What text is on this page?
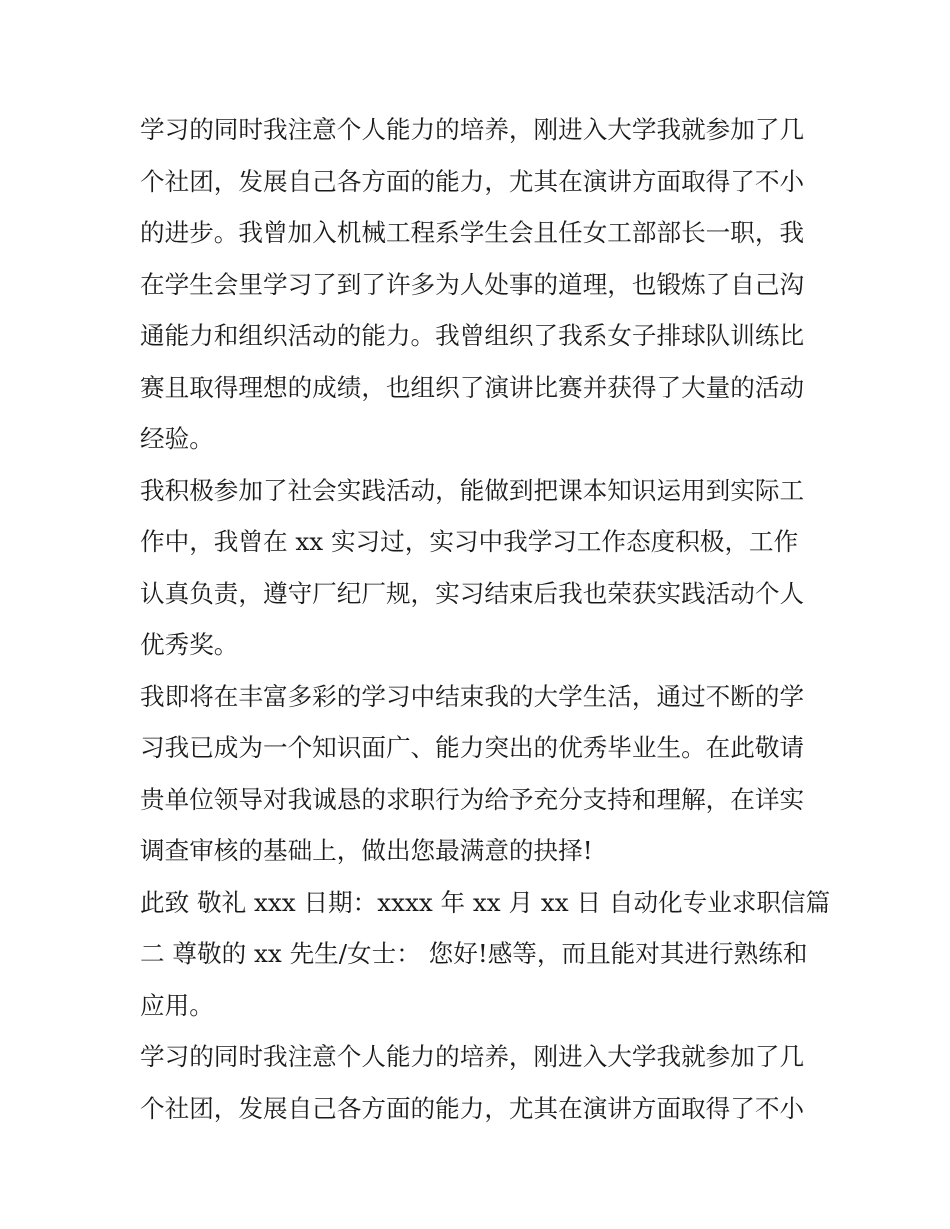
学习的同时我注意个人能力的培养，刚进入大学我就参加了几
个社团，发展自己各方面的能力，尤其在演讲方面取得了不小
的进步。我曾加入机械工程系学生会且任女工部部长一职，我
在学生会里学习了到了许多为人处事的道理，也锻炼了自己沟
通能力和组织活动的能力。我曾组织了我系女子排球队训练比
赛且取得理想的成绩，也组织了演讲比赛并获得了大量的活动
经验。

我积极参加了社会实践活动，能做到把课本知识运用到实际工
作中，我曾在 xx 实习过，实习中我学习工作态度积极，工作
认真负责，遵守厂纪厂规，实习结束后我也荣获实践活动个人
优秀奖。

我即将在丰富多彩的学习中结束我的大学生活，通过不断的学
习我已成为一个知识面广、能力突出的优秀毕业生。在此敬请
贵单位领导对我诚恳的求职行为给予充分支持和理解，在详实
调查审核的基础上，做出您最满意的抉择!

此致 敬礼 xxx 日期：xxxx 年 xx 月 xx 日 自动化专业求职信篇
二 尊敬的 xx 先生/女士： 您好!感等，而且能对其进行熟练和
应用。

学习的同时我注意个人能力的培养，刚进入大学我就参加了几
个社团，发展自己各方面的能力，尤其在演讲方面取得了不小
